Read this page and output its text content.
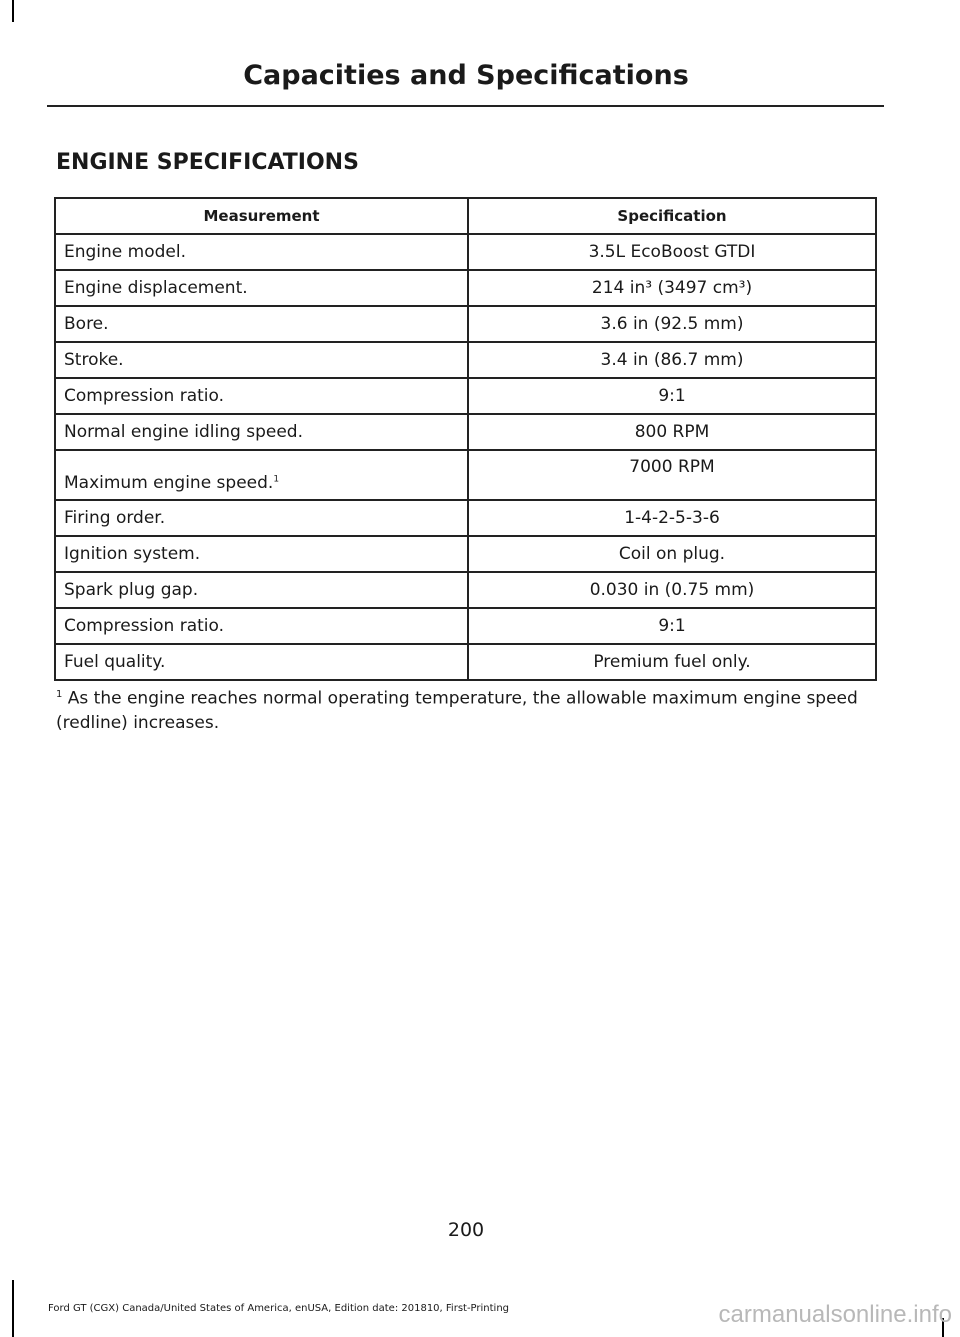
Capacities and Specifications
ENGINE SPECIFICATIONS
Measurement	Specification
Engine model.	3.5L EcoBoost GTDI
Engine displacement.	214 in³ (3497 cm³)
Bore.	3.6 in (92.5 mm)
Stroke.	3.4 in (86.7 mm)
Compression ratio.	9:1
Normal engine idling speed.	800 RPM
Maximum engine speed.$^1$	7000 RPM
Firing order.	1-4-2-5-3-6
Ignition system.	Coil on plug.
Spark plug gap.	0.030 in (0.75 mm)
Compression ratio.	9:1
Fuel quality.	Premium fuel only.
$^1$ As the engine reaches normal operating temperature, the allowable maximum engine speed (redline) increases.
200
Ford GT (CGX) Canada/United States of America, enUSA, Edition date: 201810, First-Printing	carmanualsonline.info
